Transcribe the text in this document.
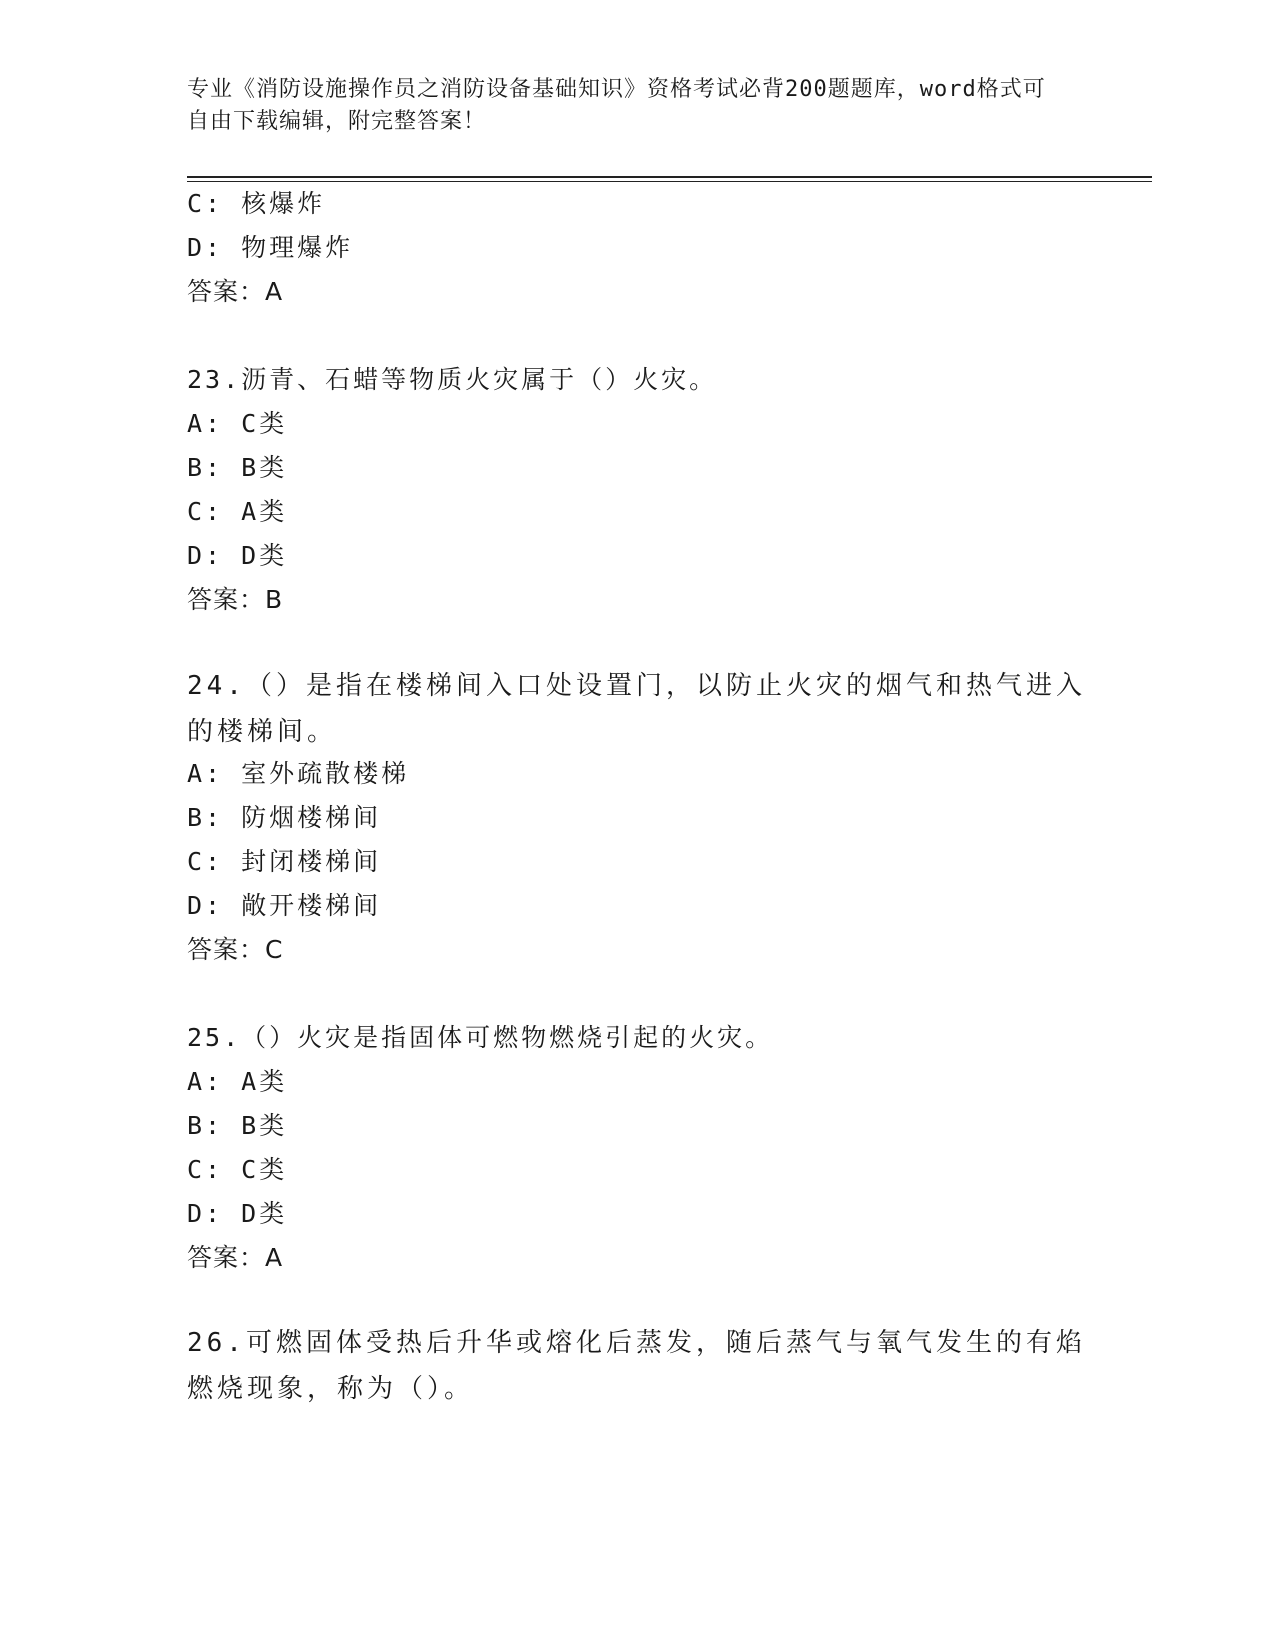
专业《消防设施操作员之消防设备基础知识》资格考试必背200题题库，word格式可自由下载编辑，附完整答案！
C: 核爆炸
D: 物理爆炸
答案：A
23.沥青、石蜡等物质火灾属于（）火灾。
A: C类
B: B类
C: A类
D: D类
答案：B
24.（）是指在楼梯间入口处设置门，以防止火灾的烟气和热气进入的楼梯间。
A: 室外疏散楼梯
B: 防烟楼梯间
C: 封闭楼梯间
D: 敞开楼梯间
答案：C
25.（）火灾是指固体可燃物燃烧引起的火灾。
A: A类
B: B类
C: C类
D: D类
答案：A
26.可燃固体受热后升华或熔化后蒸发，随后蒸气与氧气发生的有焰燃烧现象，称为（）。
